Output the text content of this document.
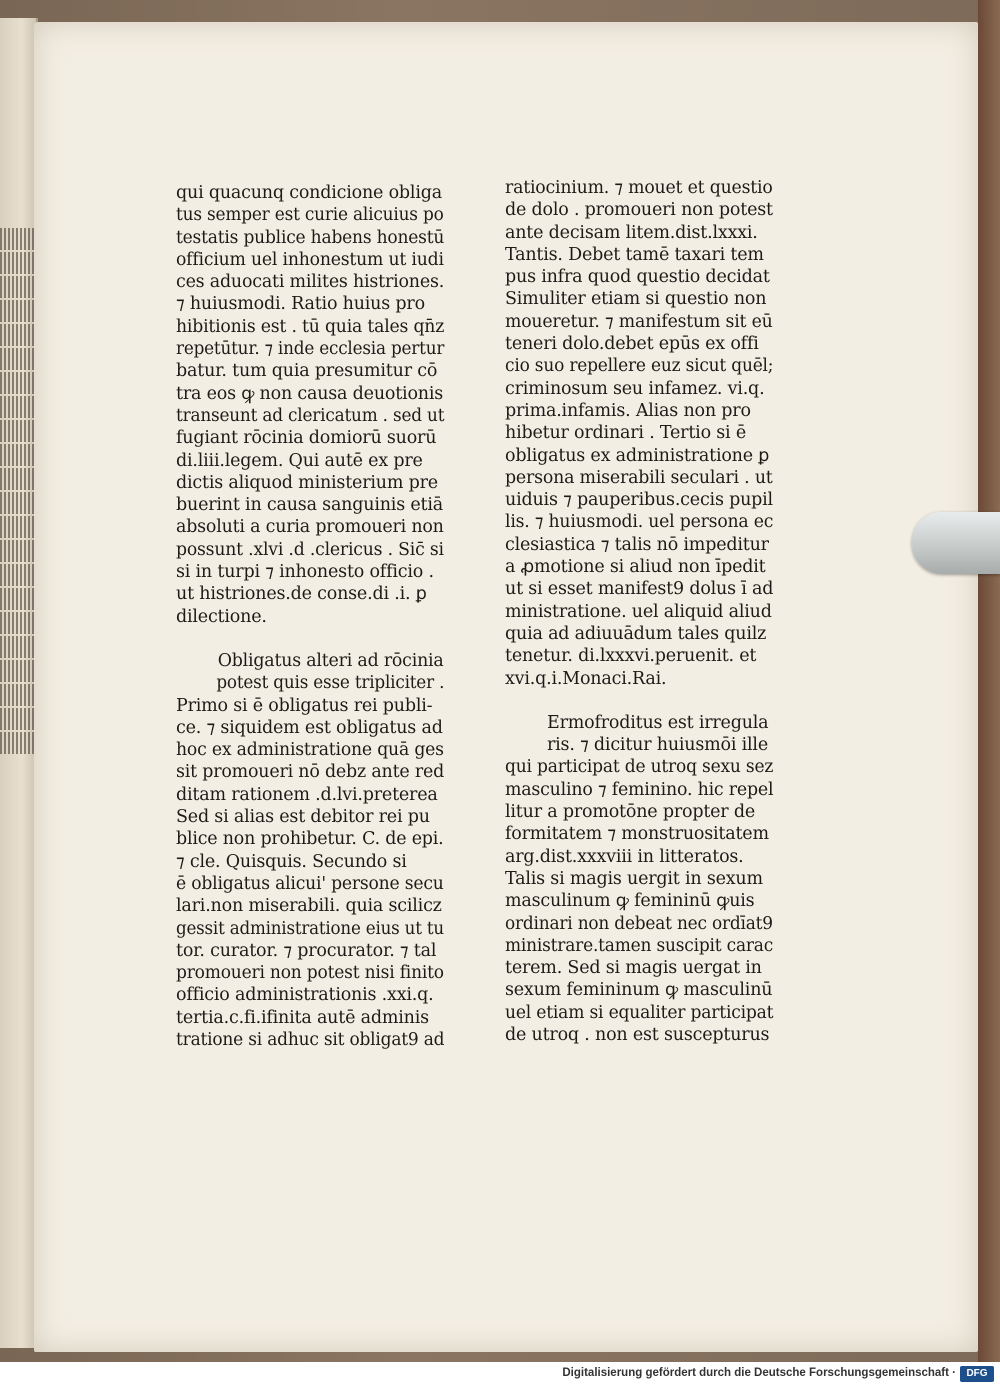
qui quacunq condicione obliga
tus semper est curie alicuius po
testatis publice habens honestū
officium uel inhonestum ut iudi
ces aduocati milites histriones.
⁊ huiusmodi. Ratio huius pro
hibitionis est . tū quia tales qn̄z
repetūtur. ⁊ inde ecclesia pertur
batur. tum quia presumitur cō
tra eos ꝙ non causa deuotionis
transeunt ad clericatum . sed ut
fugiant rōcinia domiorū suorū
di.liii.legem. Qui autē ex pre
dictis aliquod ministerium pre
buerint in causa sanguinis etiā
absoluti a curia promoueri non
possunt .xlvi .d .clericus . Sic̄ si
si in turpi ⁊ inhonesto officio .
ut histriones.de conse.di .i. ꝑ
dilectione.
Obligatus alteri ad rōcinia
potest quis esse tripliciter .
Primo si ē obligatus rei publi-
ce. ⁊ siquidem est obligatus ad
hoc ex administratione quā ges
sit promoueri nō debz ante red
ditam rationem .d.lvi.preterea
Sed si alias est debitor rei pu
blice non prohibetur. C. de epi.
⁊ cle. Quisquis. Secundo si
ē obligatus alicui' persone secu
lari.non miserabili. quia scilicz
gessit administratione eius ut tu
tor. curator. ⁊ procurator. ⁊ tal
promoueri non potest nisi finito
officio administrationis .xxi.q.
tertia.c.fi.ifinita autē adminis
tratione si adhuc sit obligat9 ad
ratiocinium. ⁊ mouet et questio
de dolo . promoueri non potest
ante decisam litem.dist.lxxxi.
Tantis. Debet tamē taxari tem
pus infra quod questio decidat
Simuliter etiam si questio non
moueretur. ⁊ manifestum sit eū
teneri dolo.debet epūs ex offi
cio suo repellere euz sicut quēl;
criminosum seu infamez. vi.q.
prima.infamis. Alias non pro
hibetur ordinari . Tertio si ē
obligatus ex administratione ꝑ
persona miserabili seculari . ut
uiduis ⁊ pauperibus.cecis pupil
lis. ⁊ huiusmodi. uel persona ec
clesiastica ⁊ talis nō impeditur
a ꝓmotione si aliud non īpedit
ut si esset manifest9 dolus ī ad
ministratione. uel aliquid aliud
quia ad adiuuādum tales quilz
tenetur. di.lxxxvi.peruenit. et
xvi.q.i.Monaci.Rai.
Ermofroditus est irregula
ris. ⁊ dicitur huiusmōi ille
qui participat de utroq sexu sez
masculino ⁊ feminino. hic repel
litur a promotōne propter de
formitatem ⁊ monstruositatem
arg.dist.xxxviii in litteratos.
Talis si magis uergit in sexum
masculinum ꝙ femininū ꝙuis
ordinari non debeat nec ordīat9
ministrare.tamen suscipit carac
terem. Sed si magis uergat in
sexum femininum ꝙ masculinū
uel etiam si equaliter participat
de utroq . non est suscepturus
Digitalisierung gefördert durch die Deutsche Forschungsgemeinschaft ·	DFG
